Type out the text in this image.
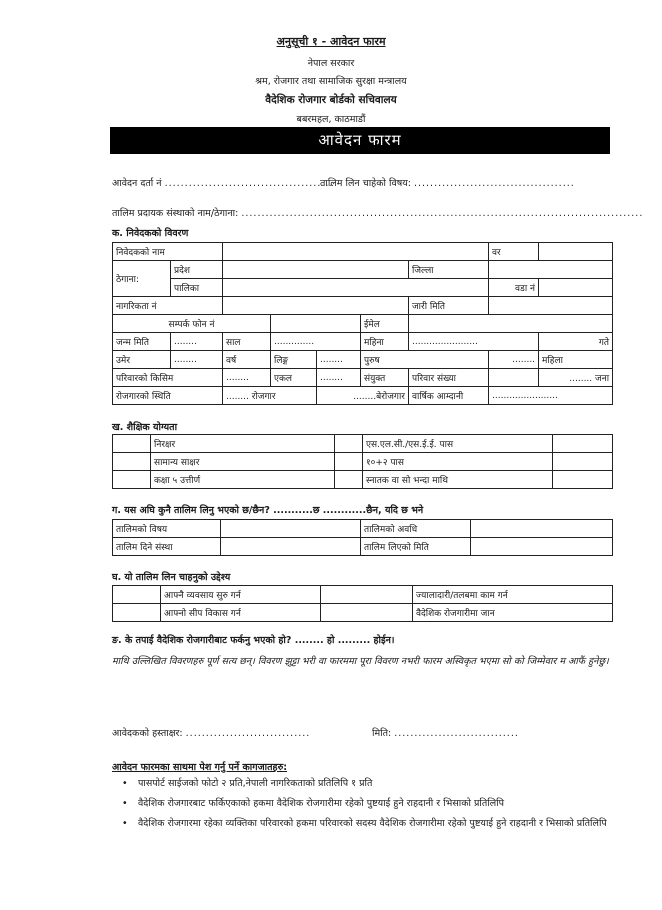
अनुसूची १ - आवेदन फारम
नेपाल सरकार
श्रम, रोजगार तथा सामाजिक सुरक्षा मन्त्रालय
वैदेशिक रोजगार बोर्डको सचिवालय
बबरमहल, काठमाडौं
आवेदन फारम
आवेदन दर्ता नं ..........................................
तालिम लिन चाहेको विषय: ........................................
तालिम प्रदायक संस्थाको नाम/ठेगाना: ....................................................................................................
क. निवेदकको विवरण
निवेदकको नाम							वर	
ठेगाना:	प्रदेश					जिल्ला		
	पालिका						वडा नं	
नागरिकता नं						जारी मिति		
सम्पर्क फोन नं					ईमेल			
जन्म मिति	........	साल	..............		महिना	.......................		गते
उमेर	........	वर्ष	लिङ्ग	........	पुरुष		........	महिला
परिवारको किसिम		........	एकल	........	संयुक्त	परिवार संख्या		........ जना
रोजगारको स्थिति		........ रोजगार		........बेरोजगार		वार्षिक आम्दानी	.......................	
ख. शैक्षिक योग्यता
	निरक्षर		एस.एल.सी./एस.ई.ई. पास	
	सामान्य साक्षर		१०+२ पास	
	कक्षा ५ उत्तीर्ण		स्नातक वा सो भन्दा माथि	
ग. यस अघि कुनै तालिम लिनु भएको छ/छैन? ...........छ ............छैन, यदि छ भने
तालिमको विषय		तालिमको अवधि	
तालिम दिने संस्था		तालिम लिएको मिति	
घ. यो तालिम लिन चाहनुको उद्देश्य
	आफ्नै व्यवसाय सुरु गर्न		ज्यालादारी/तलबमा काम गर्न
	आफ्नो सीप विकास गर्न		वैदेशिक रोजगारीमा जान
ङ. के तपाई वैदेशिक रोजगारीबाट फर्कनु भएको हो? ........ हो ......... होईन।
माथि उल्लिखित विवरणहरु पूर्ण सत्य छन्। विवरण झुट्टा भरी वा फारममा पूरा विवरण नभरी फारम अस्विकृत भएमा सो को जिम्मेवार म आफैं हुनेछु।
आवेदकको हस्ताक्षर: ...............................	मिति: ...............................
आवेदन फारमका साथमा पेश गर्नु पर्ने कागजातहरु:
• पासपोर्ट साईजको फोटो २ प्रति,नेपाली नागरिकताको प्रतिलिपि १ प्रति
• वैदेशिक रोजगारबाट फर्किएकाको हकमा वैदेशिक रोजगारीमा रहेको पुष्टयाई हुने राहदानी र भिसाको प्रतिलिपि
• वैदेशिक रोजगारमा रहेका व्यक्तिका परिवारको हकमा परिवारको सदस्य वैदेशिक रोजगारीमा रहेको पुष्टयाई हुने राहदानी र भिसाको प्रतिलिपि
